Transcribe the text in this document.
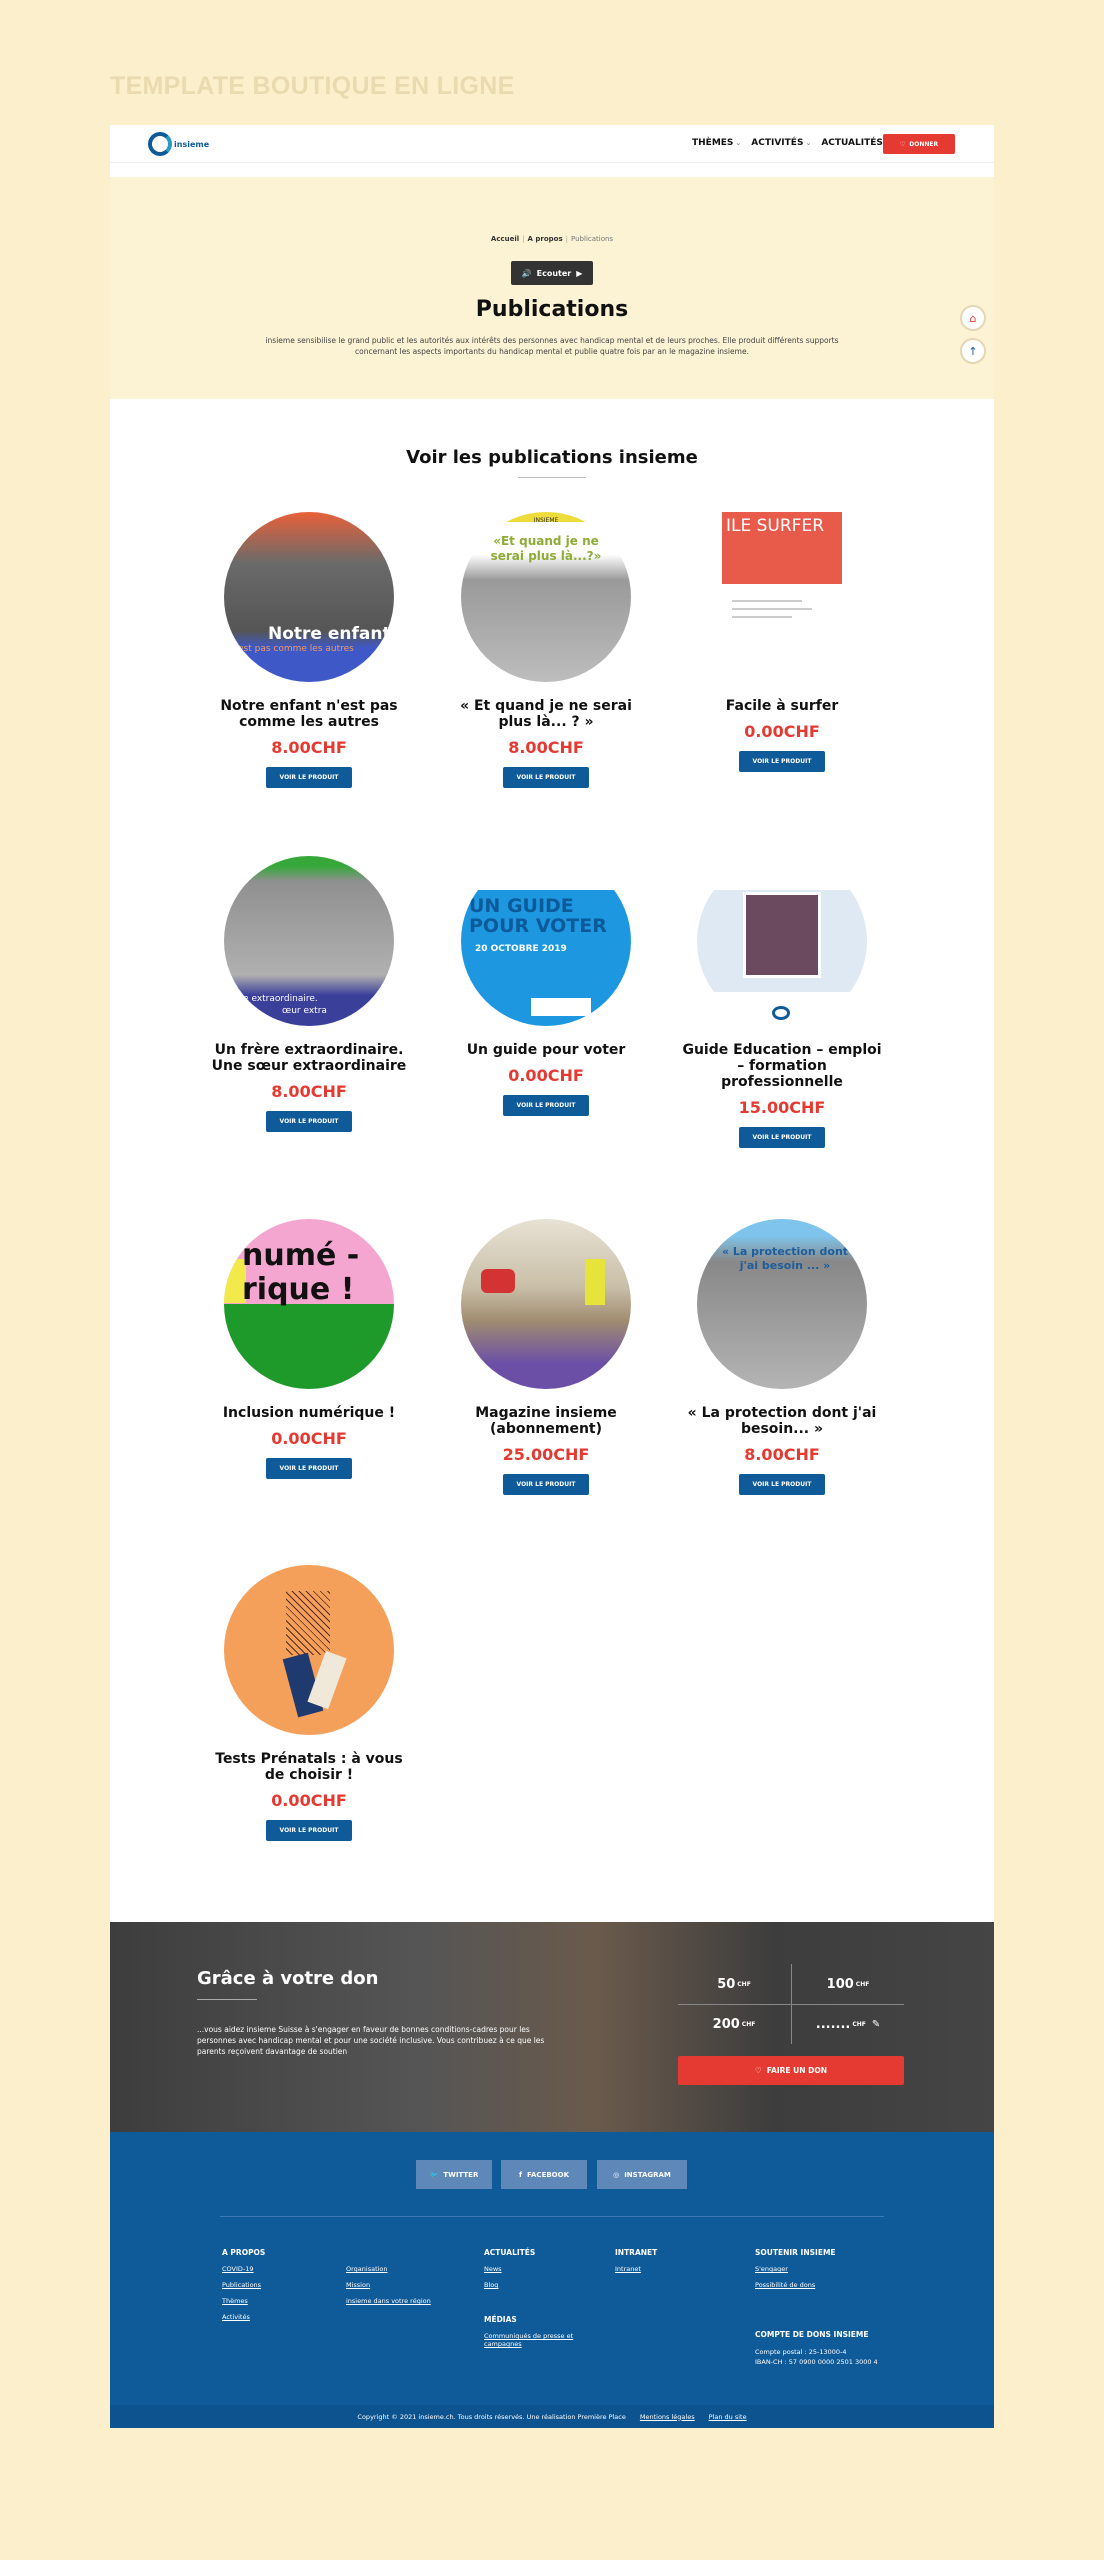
TEMPLATE BOUTIQUE EN LIGNE
insieme	THÈMES ⌄ ACTIVITÉS ⌄ ACTUALITÉS	♡ DONNER
Accueil | A propos | Publications
🔊 Ecouter ▶
Publications

insieme sensibilise le grand public et les autorités aux intérêts des personnes avec handicap mental et de leurs proches. Elle produit différents supports concernant les aspects importants du handicap mental et publie quatre fois par an le magazine insieme.

⌂
↑
Voir les publications insieme
Notre enfant
est pas comme les autres
Notre enfant n'est pas comme les autres
8.00CHF
VOIR LE PRODUIT
INSIEME
«Et quand je ne serai plus là...?»
« Et quand je ne serai plus là... ? »
8.00CHF
VOIR LE PRODUIT
ILE SURFER
Facile à surfer
0.00CHF
VOIR LE PRODUIT
ère extraordinaire.
œur extra
Un frère extraordinaire. Une sœur extraordinaire
8.00CHF
VOIR LE PRODUIT
UN GUIDE POUR VOTER
20 OCTOBRE 2019
Un guide pour voter
0.00CHF
VOIR LE PRODUIT
Guide Education – emploi – formation professionnelle
15.00CHF
VOIR LE PRODUIT
numé -rique !
Inclusion numérique !
0.00CHF
VOIR LE PRODUIT
Magazine insieme (abonnement)
25.00CHF
VOIR LE PRODUIT
« La protection dont j'ai besoin ... »
« La protection dont j'ai besoin... »
8.00CHF
VOIR LE PRODUIT
Tests Prénatals : à vous de choisir !
0.00CHF
VOIR LE PRODUIT
Grâce à votre don

...vous aidez insieme Suisse à s'engager en faveur de bonnes conditions-cadres pour les personnes avec handicap mental et pour une société inclusive. Vous contribuez à ce que les parents reçoivent davantage de soutien

50 CHF	100 CHF
200 CHF	....... CHF ✎
♡ FAIRE UN DON
🐦 TWITTER	f FACEBOOK	◎ INSTAGRAM
A PROPOS
COVID-19
Publications
Thèmes
Activités
Organisation
Mission
insieme dans votre région
ACTUALITÉS
News
Blog
MÉDIAS
Communiqués de presse et campagnes
INTRANET
Intranet
SOUTENIR INSIEME
S'engager
Possibilité de dons
COMPTE DE DONS INSIEME
Compte postal : 25-13000-4
IBAN-CH : 57 0900 0000 2501 3000 4
Copyright © 2021 insieme.ch. Tous droits réservés. Une réalisation Première Place Mentions légales Plan du site
